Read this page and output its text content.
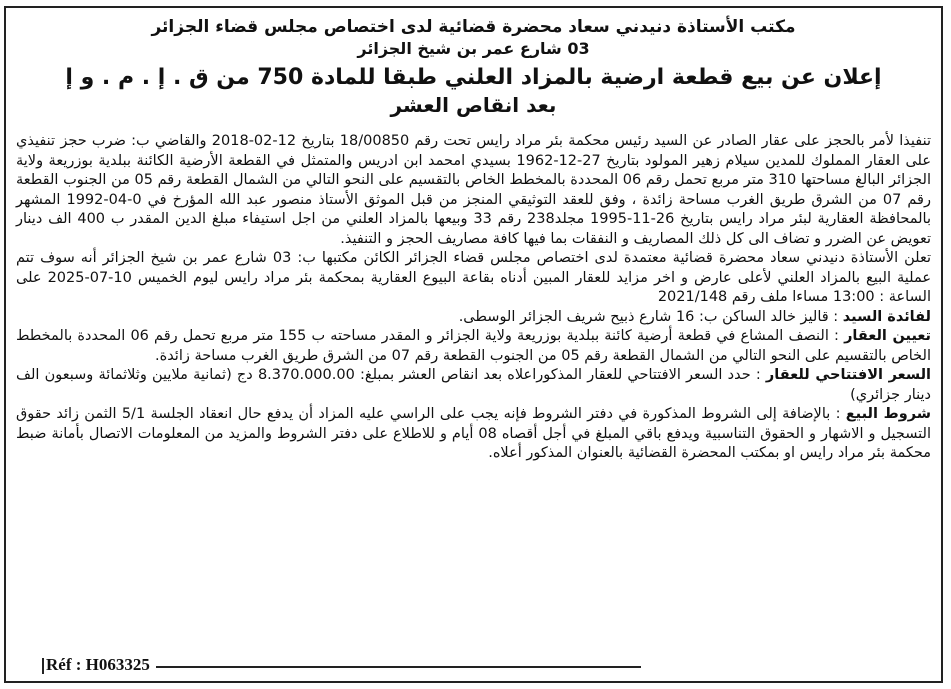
مكتب الأستاذة دنيدني سعاد محضرة قضائية لدى اختصاص مجلس قضاء الجزائر
03 شارع عمر بن شيخ الجزائر
إعلان عن بيع قطعة ارضية بالمزاد العلني طبقا للمادة 750 من ق . إ . م . و إ
بعد انقاص العشر

تنفيذا لأمر بالحجز على عقار الصادر عن السيد رئيس محكمة بئر مراد رايس تحت رقم 18/00850 بتاريخ 12-02-2018 والقاضي ب: ضرب حجز تنفيذي على العقار المملوك للمدين سيلام زهير المولود بتاريخ 27-12-1962 بسيدي امحمد ابن ادريس والمتمثل في القطعة الأرضية الكائنة ببلدية بوزريعة ولاية الجزائر البالغ مساحتها 310 متر مربع تحمل رقم 06 المحددة بالمخطط الخاص بالتقسيم على النحو التالي من الشمال القطعة رقم 05 من الجنوب القطعة رقم 07 من الشرق طريق الغرب مساحة زائدة ، وفق للعقد التوثيقي المنجز من قبل الموثق الأستاذ منصور عبد الله المؤرخ في 0-04-1992 المشهر بالمحافظة العقارية لبئر مراد رايس بتاريخ 26-11-1995 مجلد238 رقم 33 وبيعها بالمزاد العلني من اجل استيفاء مبلغ الدين المقدر ب 400 الف دينار تعويض عن الضرر و تضاف الى كل ذلك المصاريف و النفقات بما فيها كافة مصاريف الحجز و التنفيذ.

تعلن الأستاذة دنيدني سعاد محضرة قضائية معتمدة لدى اختصاص مجلس قضاء الجزائر الكائن مكتبها ب: 03 شارع عمر بن شيخ الجزائر أنه سوف تتم عملية البيع بالمزاد العلني لأعلى عارض و اخر مزايد للعقار المبين أدناه بقاعة البيوع العقارية بمحكمة بئر مراد رايس ليوم الخميس 10-07-2025 على الساعة : 13:00 مساءا ملف رقم 2021/148

لفائدة السيد : قاليز خالد الساكن ب: 16 شارع ذبيح شريف الجزائر الوسطى.

تعيين العقار : النصف المشاع في قطعة أرضية كائنة ببلدية بوزريعة ولاية الجزائر و المقدر مساحته ب 155 متر مربع تحمل رقم 06 المحددة بالمخطط الخاص بالتقسيم على النحو التالي من الشمال القطعة رقم 05 من الجنوب القطعة رقم 07 من الشرق طريق الغرب مساحة زائدة.

السعر الافتتاحي للعقار : حدد السعر الافتتاحي للعقار المذكوراعلاه بعد انقاص العشر بمبلغ: 8.370.000.00 دج (ثمانية ملايين وثلاثمائة وسبعون الف دينار جزائري)

شروط البيع : بالإضافة إلى الشروط المذكورة في دفتر الشروط فإنه يجب على الراسي عليه المزاد أن يدفع حال انعقاد الجلسة 5/1 الثمن زائد حقوق التسجيل و الاشهار و الحقوق التناسبية ويدفع باقي المبلغ في أجل أقصاه 08 أيام و للاطلاع على دفتر الشروط والمزيد من المعلومات الاتصال بأمانة ضبط محكمة بئر مراد رايس او بمكتب المحضرة القضائية بالعنوان المذكور أعلاه.

Réf : H063325
